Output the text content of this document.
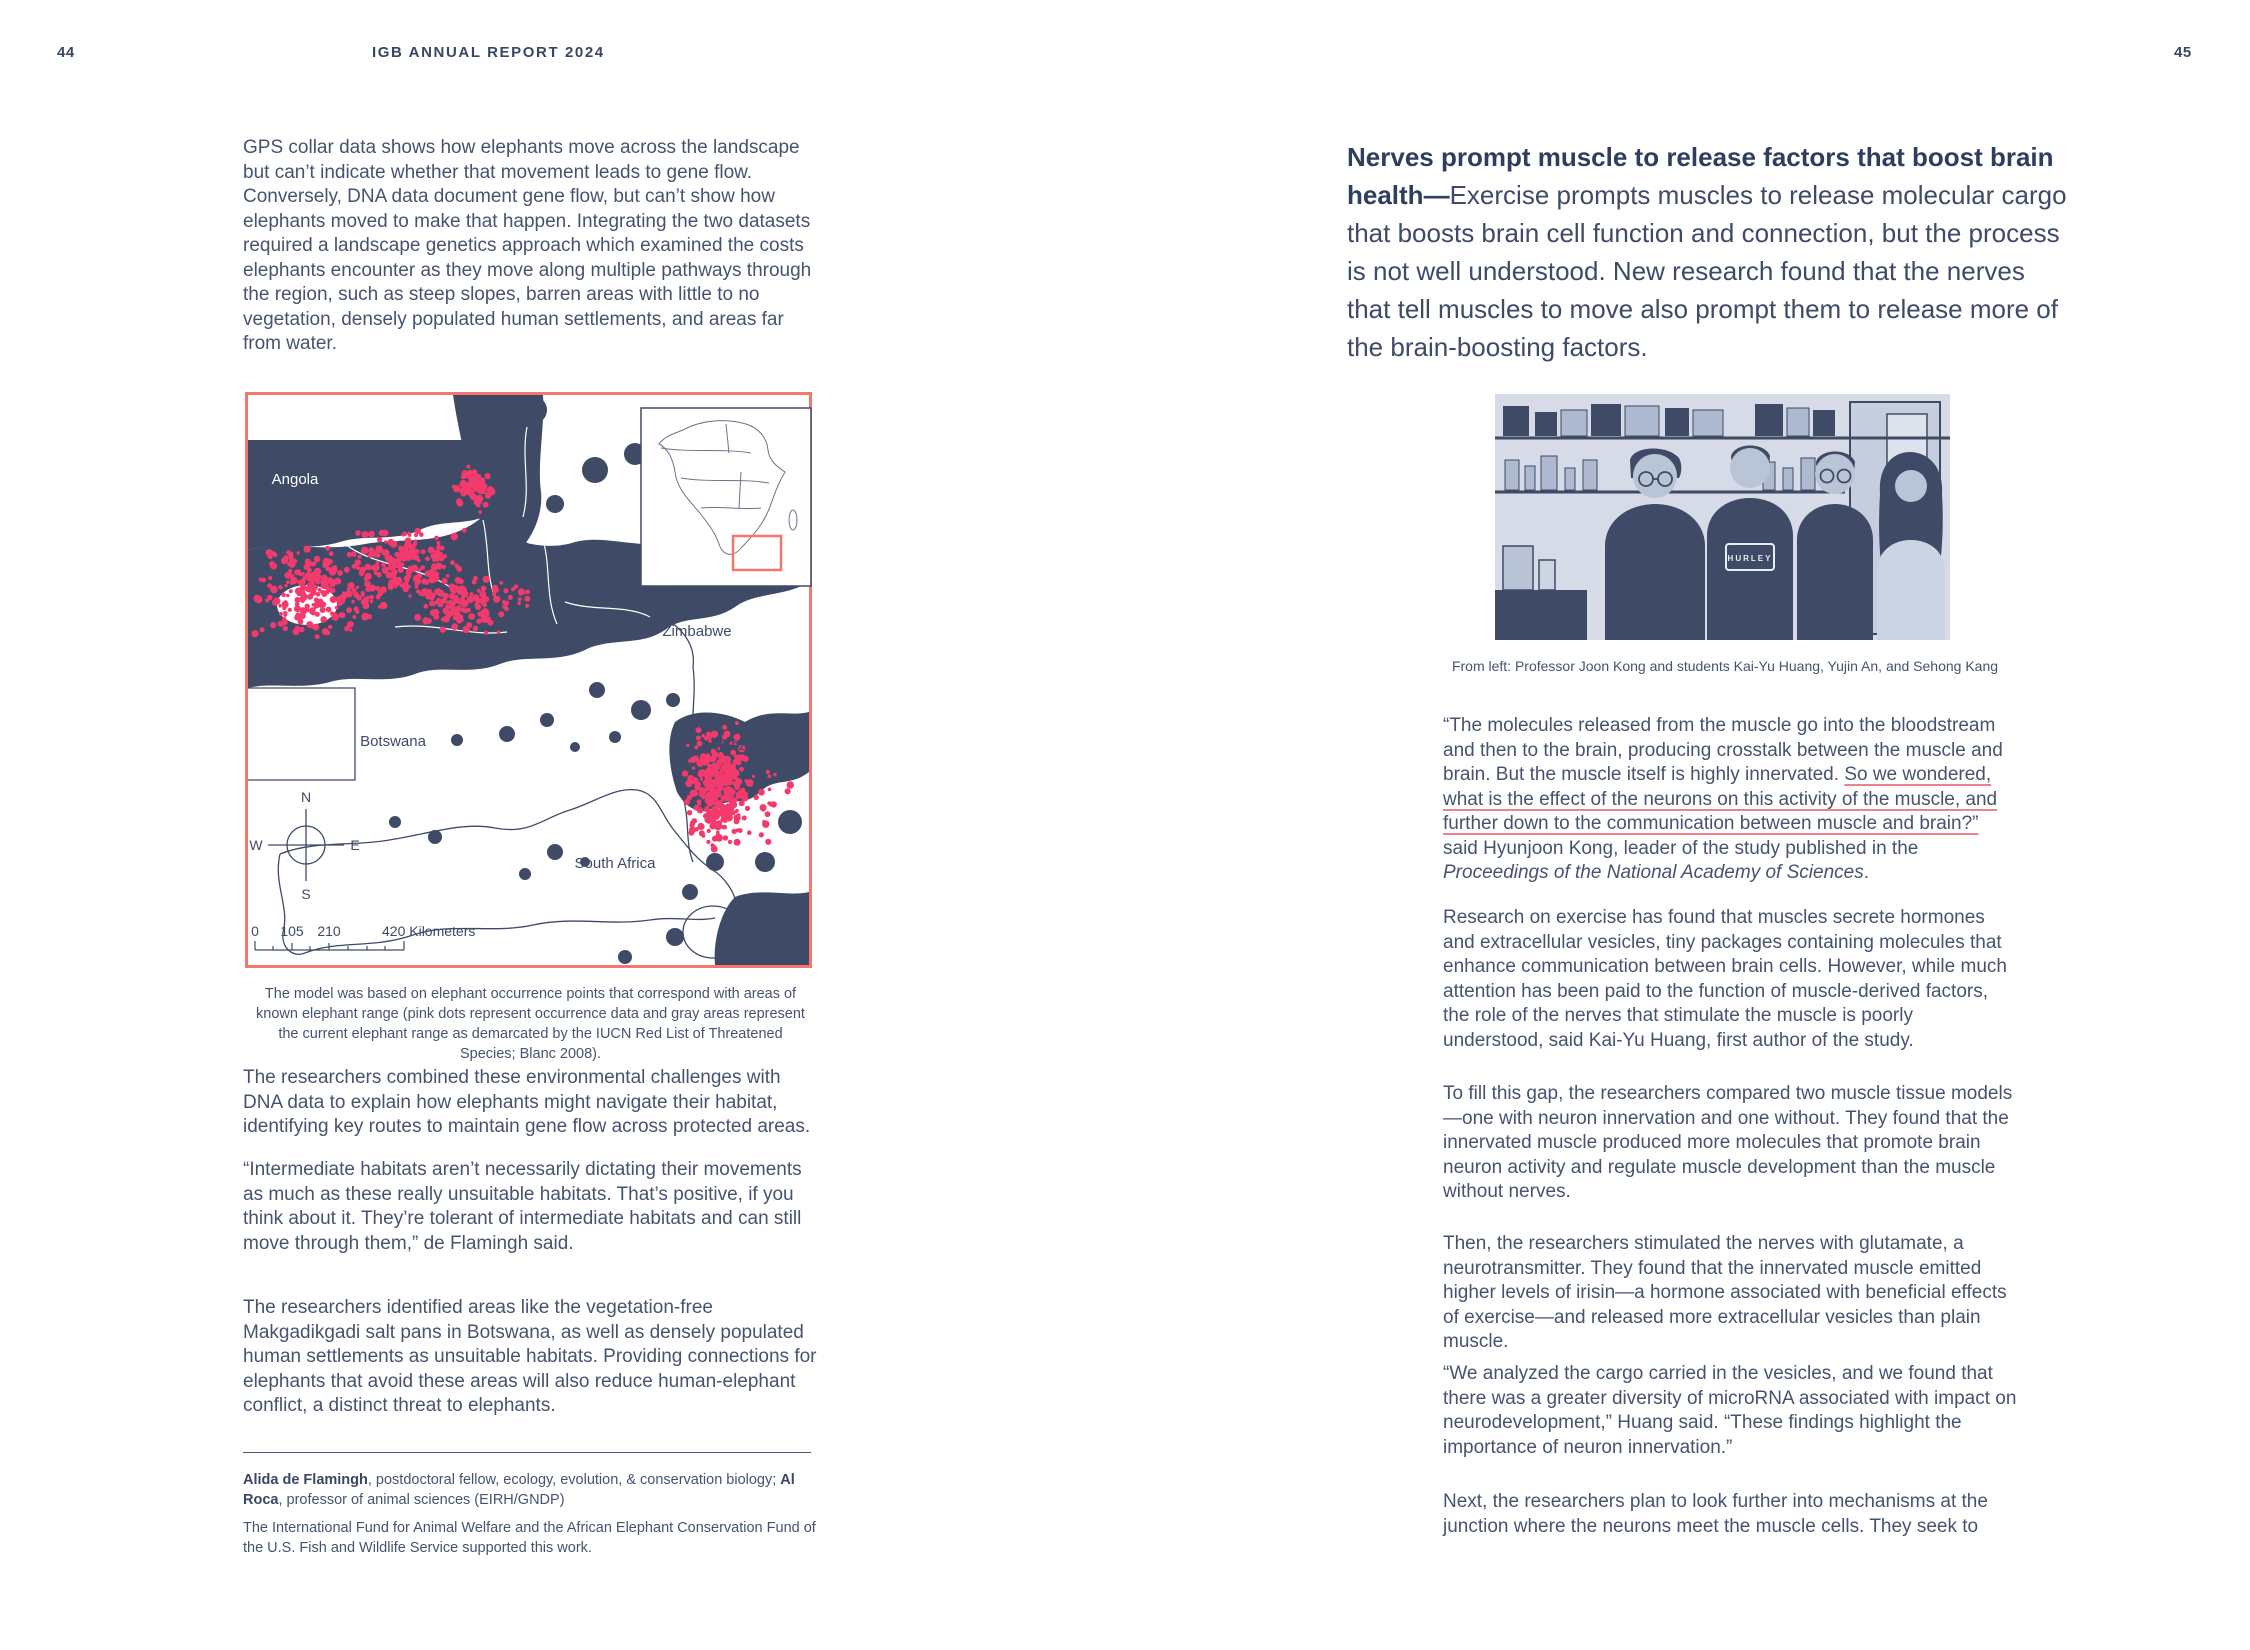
44	IGB ANNUAL REPORT 2024	45
GPS collar data shows how elephants move across the landscape but can’t indicate whether that movement leads to gene flow. Conversely, DNA data document gene flow, but can’t show how elephants moved to make that happen. Integrating the two datasets required a landscape genetics approach which examined the costs elephants encounter as they move along multiple pathways through the region, such as steep slopes, barren areas with little to no vegetation, densely populated human settlements, and areas far from water.
Zambia
Angola
Zimbabwe
Botswana	Mozambique
South Africa
N
S
W	E
0 105 210	420 Kilometers
The model was based on elephant occurrence points that correspond with areas of known elephant range (pink dots represent occurrence data and gray areas represent the current elephant range as demarcated by the IUCN Red List of Threatened Species; Blanc 2008).
The researchers combined these environmental challenges with DNA data to explain how elephants might navigate their habitat, identifying key routes to maintain gene flow across protected areas.
“Intermediate habitats aren’t necessarily dictating their movements as much as these really unsuitable habitats. That’s positive, if you think about it. They’re tolerant of intermediate habitats and can still move through them,” de Flamingh said.
The researchers identified areas like the vegetation-free Makgadikgadi salt pans in Botswana, as well as densely populated human settlements as unsuitable habitats. Providing connections for elephants that avoid these areas will also reduce human-elephant conflict, a distinct threat to elephants.
Alida de Flamingh, postdoctoral fellow, ecology, evolution, & conservation biology; Al Roca, professor of animal sciences (EIRH/GNDP)
The International Fund for Animal Welfare and the African Elephant Conservation Fund of the U.S. Fish and Wildlife Service supported this work.
Nerves prompt muscle to release factors that boost brain health—Exercise prompts muscles to release molecular cargo that boosts brain cell function and connection, but the process is not well understood. New research found that the nerves that tell muscles to move also prompt them to release more of the brain-boosting factors.
HURLEY
From left: Professor Joon Kong and students Kai-Yu Huang, Yujin An, and Sehong Kang
“The molecules released from the muscle go into the bloodstream and then to the brain, producing crosstalk between the muscle and brain. But the muscle itself is highly innervated. So we wondered, what is the effect of the neurons on this activity of the muscle, and further down to the communication between muscle and brain?” said Hyunjoon Kong, leader of the study published in the Proceedings of the National Academy of Sciences.
Research on exercise has found that muscles secrete hormones and extracellular vesicles, tiny packages containing molecules that enhance communication between brain cells. However, while much attention has been paid to the function of muscle-derived factors, the role of the nerves that stimulate the muscle is poorly understood, said Kai-Yu Huang, first author of the study.
To fill this gap, the researchers compared two muscle tissue models—one with neuron innervation and one without. They found that the innervated muscle produced more molecules that promote brain neuron activity and regulate muscle development than the muscle without nerves.
Then, the researchers stimulated the nerves with glutamate, a neurotransmitter. They found that the innervated muscle emitted higher levels of irisin—a hormone associated with beneficial effects of exercise—and released more extracellular vesicles than plain muscle.
“We analyzed the cargo carried in the vesicles, and we found that there was a greater diversity of microRNA associated with impact on neurodevelopment,” Huang said. “These findings highlight the importance of neuron innervation.”
Next, the researchers plan to look further into mechanisms at the junction where the neurons meet the muscle cells. They seek to
